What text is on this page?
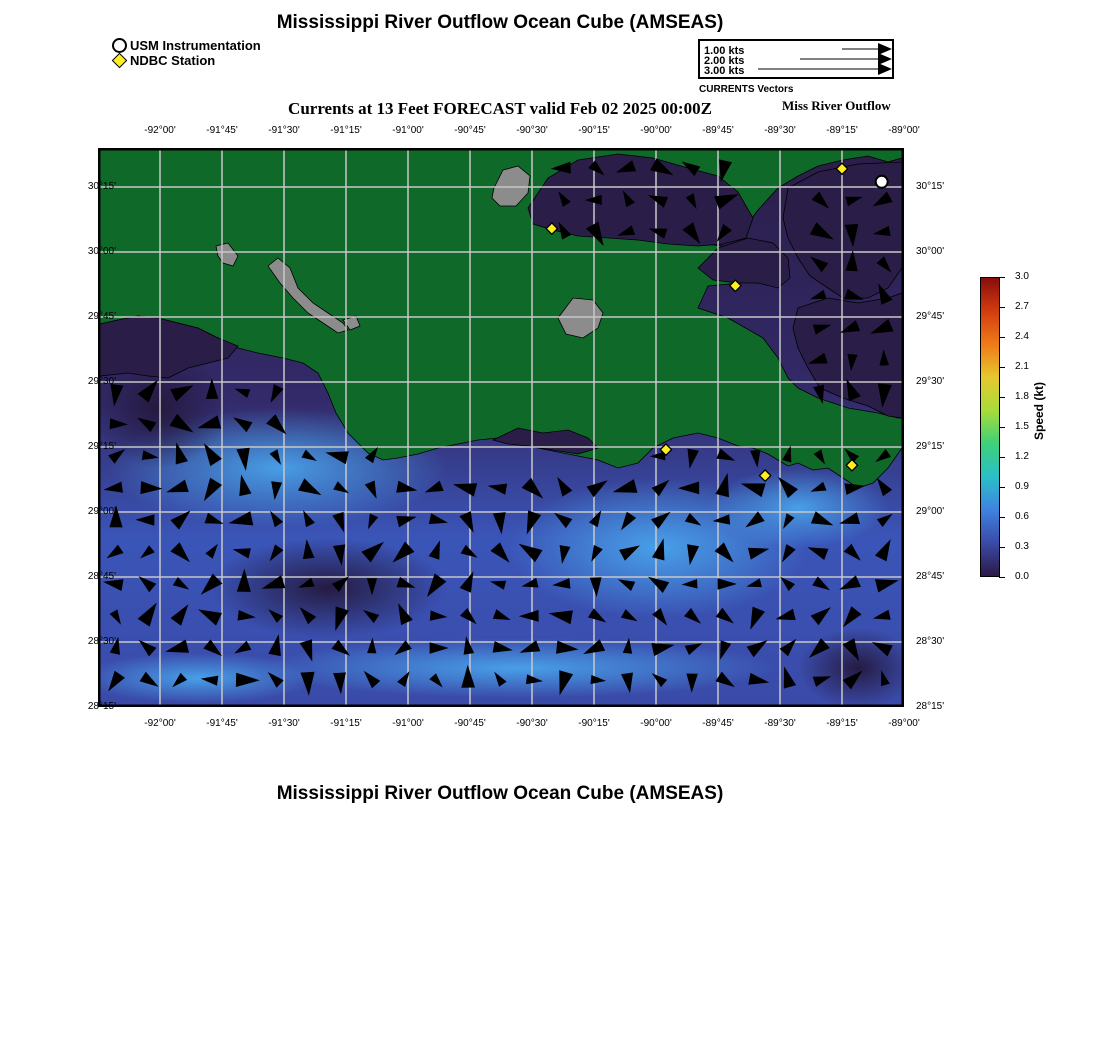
Mississippi River Outflow Ocean Cube (AMSEAS)
USM Instrumentation
NDBC Station
1.00 kts
2.00 kts
3.00 kts
CURRENTS Vectors
Currents at 13 Feet FORECAST valid Feb 02 2025 00:00Z	Miss River Outflow
Speed (kt)
Mississippi River Outflow Ocean Cube (AMSEAS)
-92°00'
-92°00'
-91°45'
-91°45'
-91°30'
-91°30'
-91°15'
-91°15'
-91°00'
-91°00'
-90°45'
-90°45'
-90°30'
-90°30'
-90°15'
-90°15'
-90°00'
-90°00'
-89°45'
-89°45'
-89°30'
-89°30'
-89°15'
-89°15'
-89°00'
-89°00'
30°15'	30°15'
30°00'	30°00'
29°45'	29°45'
29°30'	29°30'
29°15'	29°15'
29°00'	29°00'
28°45'	28°45'
28°30'	28°30'
28°15'	28°15'
3.0
2.7
2.4
2.1
1.8
1.5
1.2
0.9
0.6
0.3
0.0
